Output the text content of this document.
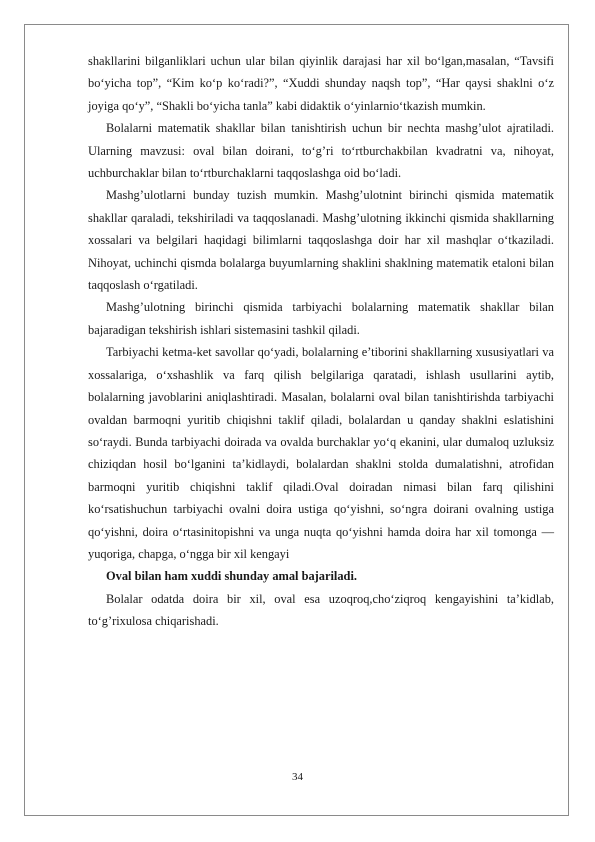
shakllarini bilganliklari uchun ular bilan qiyinlik darajasi har xil bo‘lgan,masalan, “Tavsifi bo‘yicha top”, “Kim ko‘p ko‘radi?”, “Xuddi shunday naqsh top”, “Har qaysi shaklni o‘z joyiga qo‘y”, “Shakli bo‘yicha tanla” kabi didaktik o‘yinlarnio‘tkazish mumkin.

Bolalarni matematik shakllar bilan tanishtirish uchun bir nechta mashg’ulot ajratiladi. Ularning mavzusi: oval bilan doirani, to‘g’ri to‘rtburchakbilan kvadratni va, nihoyat, uchburchaklar bilan to‘rtburchaklarni taqqoslashga oid bo‘ladi.

Mashg’ulotlarni bunday tuzish mumkin. Mashg’ulotnint birinchi qismida matematik shakllar qaraladi, tekshiriladi va taqqoslanadi. Mashg’ulotning ikkinchi qismida shakllarning xossalari va belgilari haqidagi bilimlarni taqqoslashga doir har xil mashqlar o‘tkaziladi. Nihoyat, uchinchi qismda bolalarga buyumlarning shaklini shaklning matematik etaloni bilan taqqoslash o‘rgatiladi.

Mashg’ulotning birinchi qismida tarbiyachi bolalarning matematik shakllar bilan bajaradigan tekshirish ishlari sistemasini tashkil qiladi.

Tarbiyachi ketma-ket savollar qo‘yadi, bolalarning e’tiborini shakllarning xususiyatlari va xossalariga, o‘xshashlik va farq qilish belgilariga qaratadi, ishlash usullarini aytib, bolalarning javoblarini aniqlashtiradi. Masalan, bolalarni oval bilan tanishtirishda tarbiyachi ovaldan barmoqni yuritib chiqishni taklif qiladi, bolalardan u qanday shaklni eslatishini so‘raydi. Bunda tarbiyachi doirada va ovalda burchaklar yo‘q ekanini, ular dumaloq uzluksiz chiziqdan hosil bo‘lganini ta’kidlaydi, bolalardan shaklni stolda dumalatishni, atrofidan barmoqni yuritib chiqishni taklif qiladi.Oval doiradan nimasi bilan farq qilishini ko‘rsatishuchun tarbiyachi ovalni doira ustiga qo‘yishni, so‘ngra doirani ovalning ustiga qo‘yishni, doira o‘rtasinitopishni va unga nuqta qo‘yishni hamda doira har xil tomonga — yuqoriga, chapga, o‘ngga bir xil kengayi

Oval bilan ham xuddi shunday amal bajariladi.

Bolalar odatda doira bir xil, oval esa uzoqroq,cho‘ziqroq kengayishini ta’kidlab, to‘g’rixulosa chiqarishadi.

34
